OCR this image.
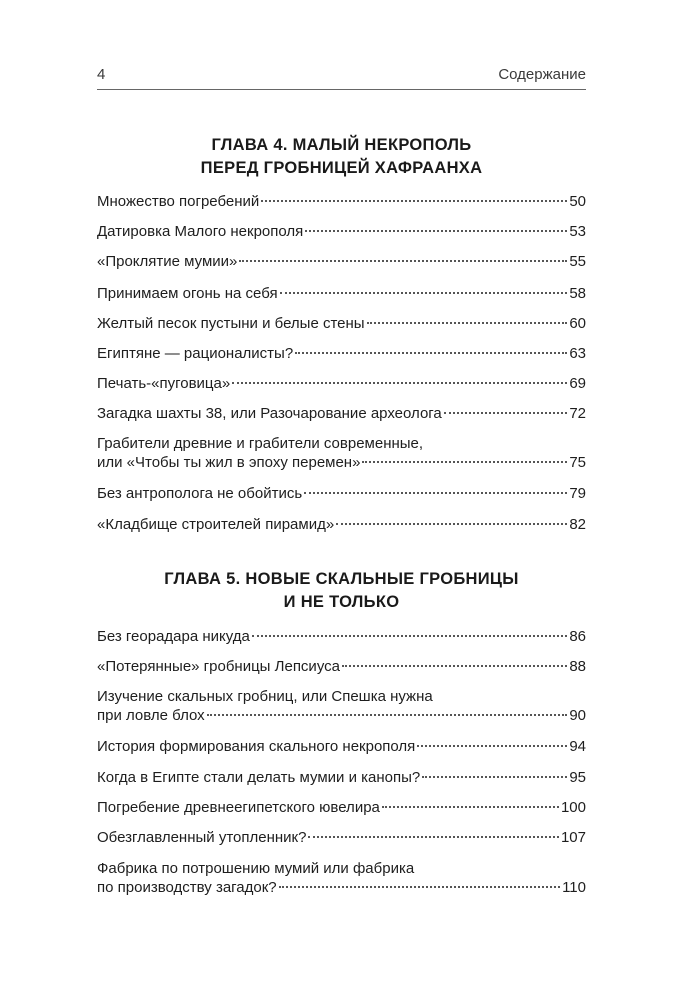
4	Содержание
ГЛАВА 4. МАЛЫЙ НЕКРОПОЛЬ
ПЕРЕД ГРОБНИЦЕЙ ХАФРААНХА
Множество погребений	50
Датировка Малого некрополя	53
«Проклятие мумии»	55
Принимаем огонь на себя	58
Желтый песок пустыни и белые стены	60
Египтяне — рационалисты?	63
Печать-«пуговица»	69
Загадка шахты 38, или Разочарование археолога	72
Грабители древние и грабители современные,
или «Чтобы ты жил в эпоху перемен»	75
Без антрополога не обойтись	79
«Кладбище строителей пирамид»	82
ГЛАВА 5. НОВЫЕ СКАЛЬНЫЕ ГРОБНИЦЫ
И НЕ ТОЛЬКО
Без георадара никуда	86
«Потерянные» гробницы Лепсиуса	88
Изучение скальных гробниц, или Спешка нужна
при ловле блох	90
История формирования скального некрополя	94
Когда в Египте стали делать мумии и канопы?	95
Погребение древнеегипетского ювелира	100
Обезглавленный утопленник?	107
Фабрика по потрошению мумий или фабрика
по производству загадок?	110
